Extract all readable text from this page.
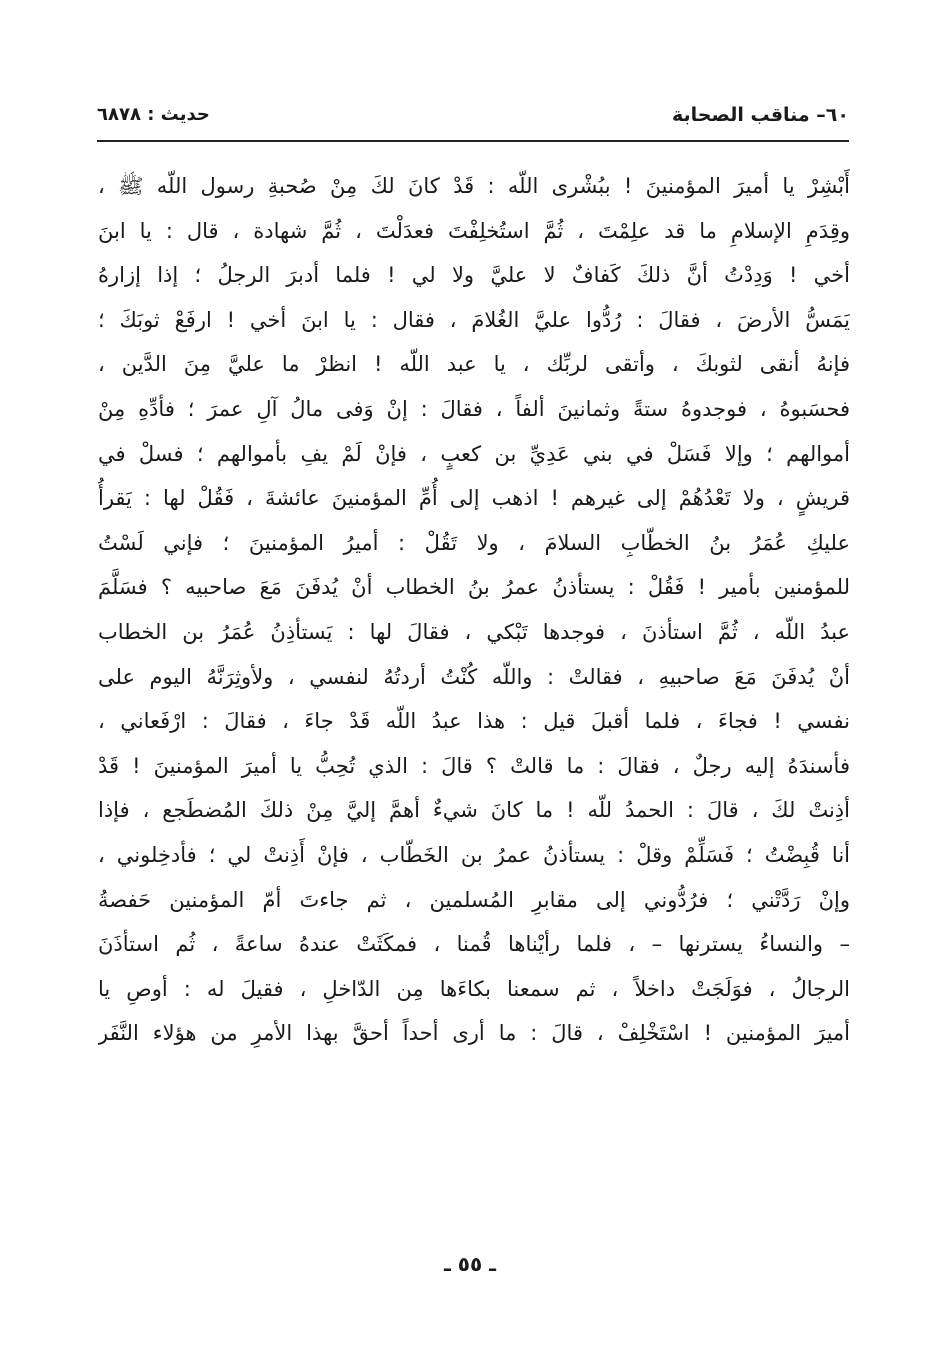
٦٠– مناقب الصحابة
حديث : ٦٨٧٨
أَبْشِرْ يا أميرَ المؤمنينَ ! ببُشْرى اللّه : قَدْ كانَ لكَ مِنْ صُحبةِ رسول اللّه ﷺ ،
وقِدَمِ الإسلامِ ما قد علِمْتَ ، ثُمَّ استُخلِفْتَ فعدَلْتَ ، ثُمَّ شهادة ، قال : يا ابنَ
أخي ! وَدِدْتُ أنَّ ذلكَ كَفافٌ لا عليَّ ولا لي ! فلما أدبرَ الرجلُ ؛ إذا إزارهُ
يَمَسُّ الأرضَ ، فقالَ : رُدُّوا عليَّ الغُلامَ ، فقال : يا ابنَ أخي ! ارفَعْ ثوبَكَ ؛
فإنهُ أنقى لثوبكَ ، وأتقى لربِّك ، يا عبد اللّه ! انظرْ ما عليَّ مِنَ الدَّين ،
فحسَبوهُ ، فوجدوهُ ستةً وثمانينَ ألفاً ، فقالَ : إنْ وَفى مالُ آلِ عمرَ ؛ فأدِّهِ مِنْ
أموالهم ؛ وإلا فَسَلْ في بني عَدِيِّ بن كعبٍ ، فإنْ لَمْ يفِ بأموالهم ؛ فسلْ في
قريشٍ ، ولا تَعْدُهُمْ إلى غيرهم ! اذهب إلى أُمِّ المؤمنينَ عائشةَ ، فَقُلْ لها : يَقرأُ
عليكِ عُمَرُ بنُ الخطّابِ السلامَ ، ولا تَقُلْ : أميرُ المؤمنينَ ؛ فإني لَسْتُ
للمؤمنين بأمير ! فَقُلْ : يستأذنُ عمرُ بنُ الخطاب أنْ يُدفَنَ مَعَ صاحبيه ؟ فسَلَّمَ
عبدُ اللّه ، ثُمَّ استأذنَ ، فوجدها تَبْكي ، فقالَ لها : يَستأذِنُ عُمَرُ بن الخطاب
أنْ يُدفَنَ مَعَ صاحبيهِ ، فقالتْ : واللّه كُنْتُ أردتُهُ لنفسي ، ولأوثِرَنَّهُ اليوم على
نفسي ! فجاءَ ، فلما أقبلَ قيل : هذا عبدُ اللّه قَدْ جاءَ ، فقالَ : ارْفَعاني ،
فأسندَهُ إليه رجلٌ ، فقالَ : ما قالتْ ؟ قالَ : الذي تُحِبُّ يا أميرَ المؤمنينَ ! قَدْ
أذِنتْ لكَ ، قالَ : الحمدُ للّه ! ما كانَ شيءٌ أهمَّ إليَّ مِنْ ذلكَ المُضطَجع ، فإذا
أنا قُبِضْتُ ؛ فَسَلِّمْ وقلْ : يستأذنُ عمرُ بن الخَطّاب ، فإنْ أَذِنتْ لي ؛ فأدخِلوني ،
وإنْ رَدَّتْني ؛ فرُدُّوني إلى مقابرِ المُسلمين ، ثم جاءتَ أمّ المؤمنين حَفصةُ
– والنساءُ يسترنها – ، فلما رأيْناها قُمنا ، فمكَثَتْ عندهُ ساعةً ، ثُم استأذَنَ
الرجالُ ، فوَلَجَتْ داخلاً ، ثم سمعنا بكاءَها مِن الدّاخلِ ، فقيلَ له : أوصِ يا
أميرَ المؤمنين ! اسْتَخْلِفْ ، قالَ : ما أرى أحداً أحقَّ بهذا الأمرِ من هؤلاء النَّفَر
ـ ٥٥ ـ
